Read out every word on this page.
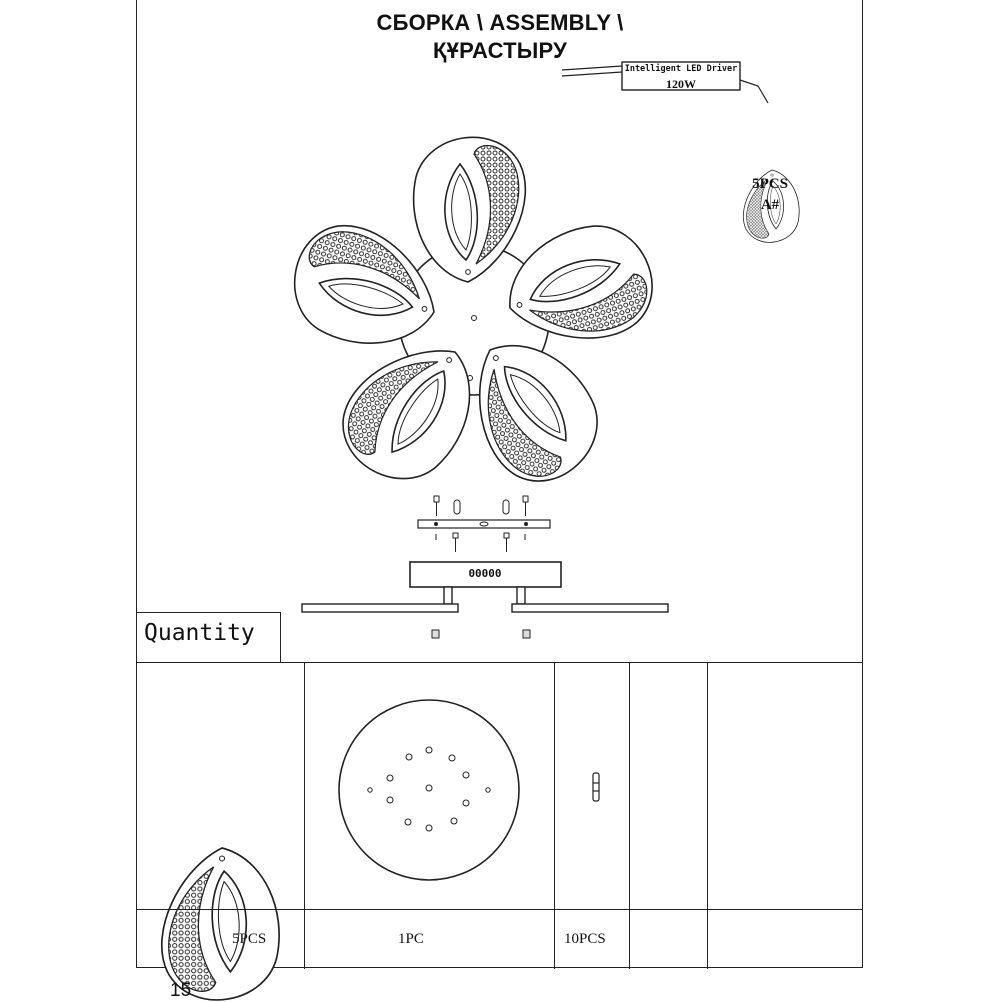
СБОРКА \ ASSEMBLY \
ҚҰРАСТЫРУ
Intelligent LED Driver
120W
5PCS
A#
00000
Quantity
5PCS	1PC	10PCS
15
